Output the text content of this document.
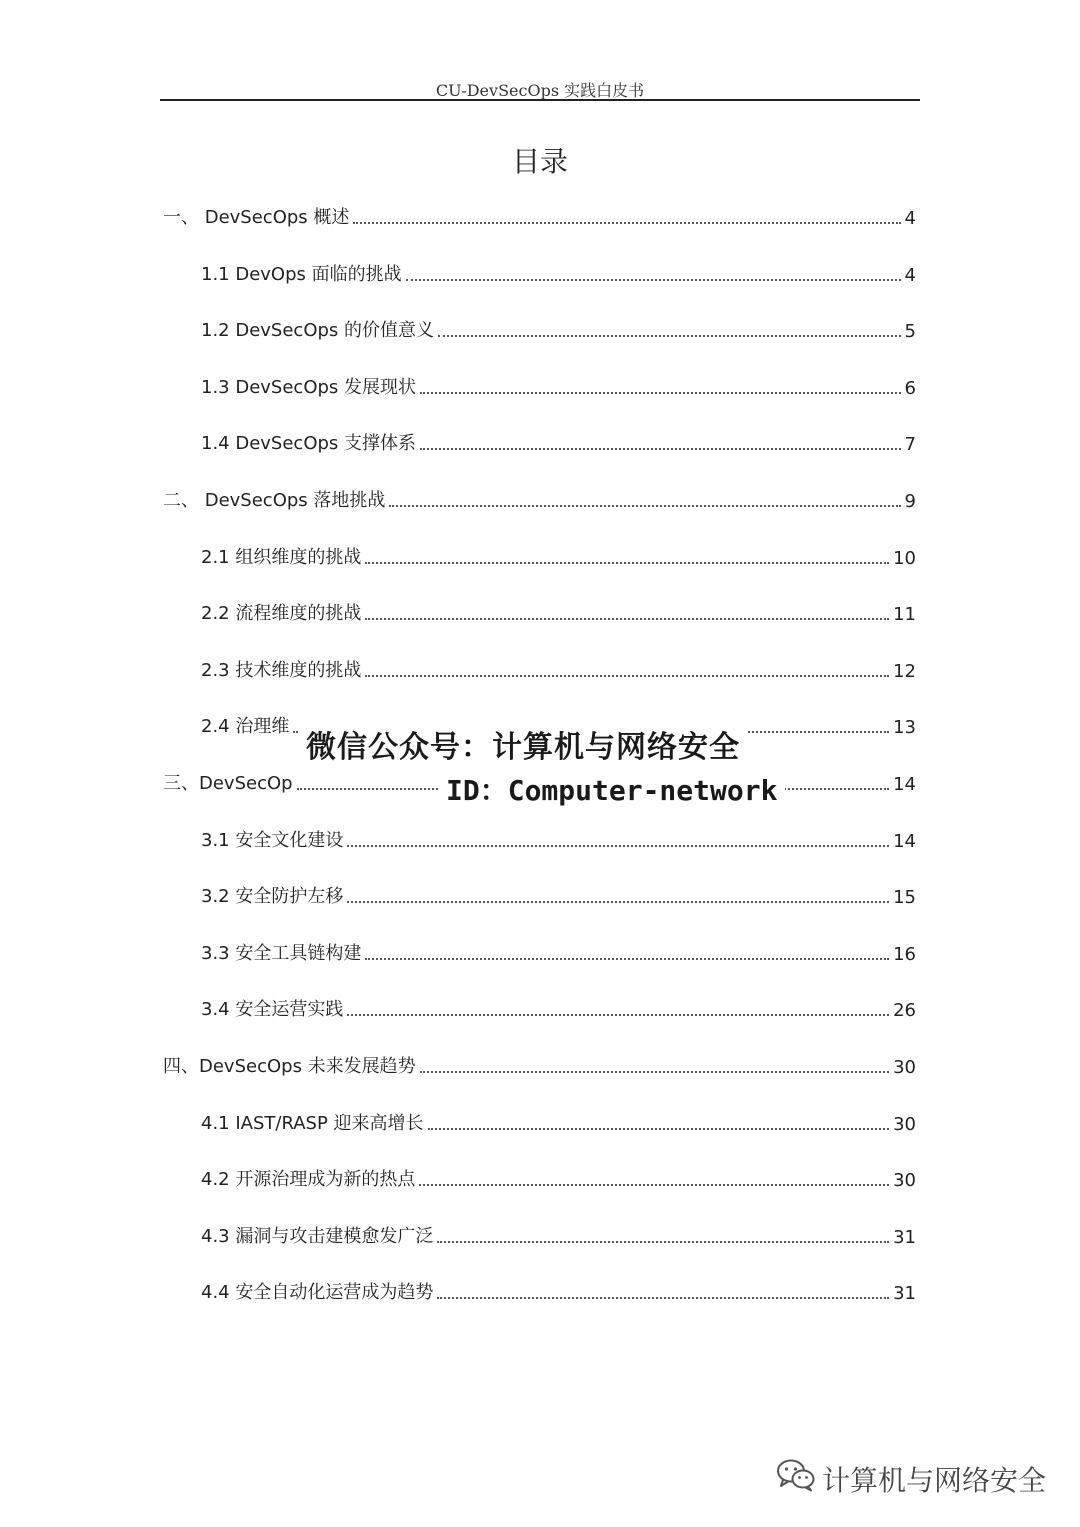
CU-DevSecOps 实践白皮书
目录
一、 DevSecOps 概述	4
1.1 DevOps 面临的挑战	4
1.2 DevSecOps 的价值意义	5
1.3 DevSecOps 发展现状	6
1.4 DevSecOps 支撑体系	7
二、 DevSecOps 落地挑战	9
2.1 组织维度的挑战	10
2.2 流程维度的挑战	11
2.3 技术维度的挑战	12
2.4 治理维	13
三、DevSecOp	14
3.1 安全文化建设	14
3.2 安全防护左移	15
3.3 安全工具链构建	16
3.4 安全运营实践	26
四、DevSecOps 未来发展趋势	30
4.1 IAST/RASP 迎来高增长	30
4.2 开源治理成为新的热点	30
4.3 漏洞与攻击建模愈发广泛	31
4.4 安全自动化运营成为趋势	31
微信公众号：计算机与网络安全
ID：Computer-network
计算机与网络安全
